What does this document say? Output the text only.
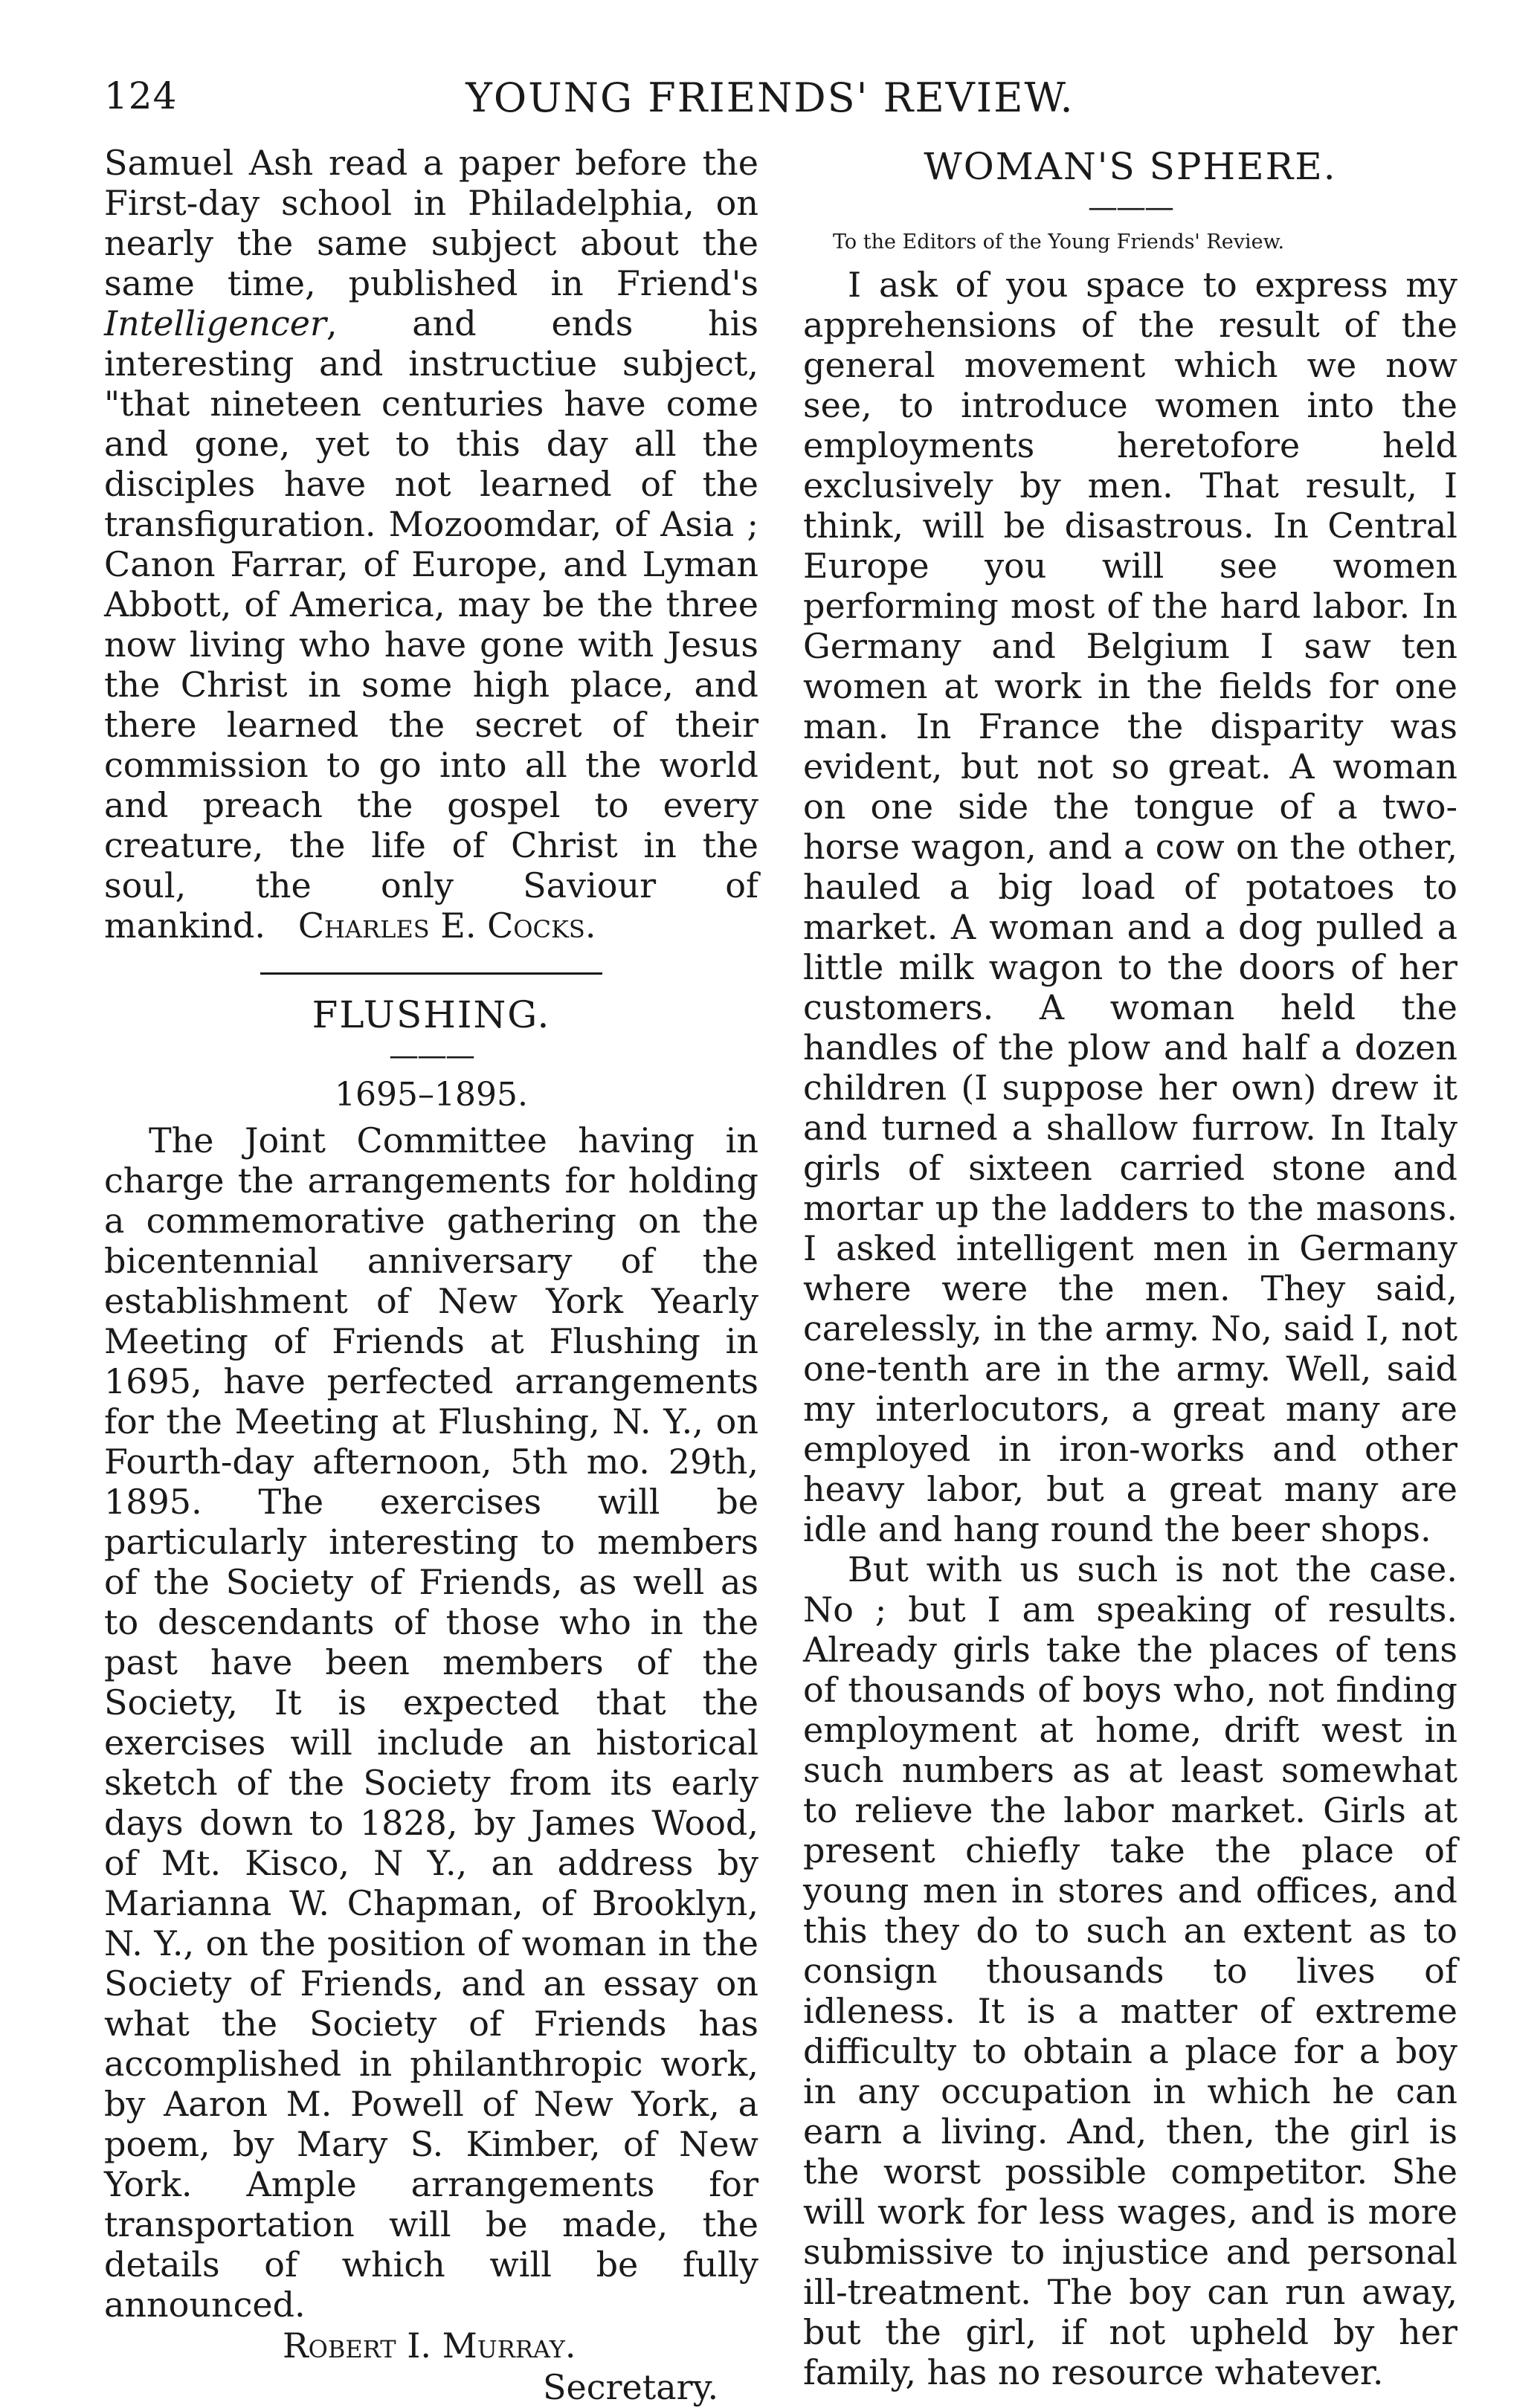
124	YOUNG FRIENDS' REVIEW.

Samuel Ash read a paper before the First-day school in Philadelphia, on nearly the same subject about the same time, published in Friend's Intelligencer, and ends his interesting and instructiue subject, "that nineteen centuries have come and gone, yet to this day all the disciples have not learned of the transfiguration. Mozoomdar, of Asia ; Canon Farrar, of Europe, and Lyman Abbott, of America, may be the three now living who have gone with Jesus the Christ in some high place, and there learned the secret of their commission to go into all the world and preach the gospel to every creature, the life of Christ in the soul, the only Saviour of mankind. Charles E. Cocks.

FLUSHING.
———
1695–1895.

The Joint Committee having in charge the arrangements for holding a commemorative gathering on the bicentennial anniversary of the establishment of New York Yearly Meeting of Friends at Flushing in 1695, have perfected arrangements for the Meeting at Flushing, N. Y., on Fourth-day afternoon, 5th mo. 29th, 1895. The exercises will be particularly interesting to members of the Society of Friends, as well as to descendants of those who in the past have been members of the Society, It is expected that the exercises will include an historical sketch of the Society from its early days down to 1828, by James Wood, of Mt. Kisco, N Y., an address by Marianna W. Chapman, of Brooklyn, N. Y., on the position of woman in the Society of Friends, and an essay on what the Society of Friends has accomplished in philanthropic work, by Aaron M. Powell of New York, a poem, by Mary S. Kimber, of New York. Ample arrangements for transportation will be made, the details of which will be fully announced.

Robert I. Murray.
Secretary.
WOMAN'S SPHERE.
———
To the Editors of the Young Friends' Review.

I ask of you space to express my apprehensions of the result of the general movement which we now see, to introduce women into the employments heretofore held exclusively by men. That result, I think, will be disastrous. In Central Europe you will see women performing most of the hard labor. In Germany and Belgium I saw ten women at work in the fields for one man. In France the disparity was evident, but not so great. A woman on one side the tongue of a two-horse wagon, and a cow on the other, hauled a big load of potatoes to market. A woman and a dog pulled a little milk wagon to the doors of her customers. A woman held the handles of the plow and half a dozen children (I suppose her own) drew it and turned a shallow furrow. In Italy girls of sixteen carried stone and mortar up the ladders to the masons. I asked intelligent men in Germany where were the men. They said, carelessly, in the army. No, said I, not one-tenth are in the army. Well, said my interlocutors, a great many are employed in iron-works and other heavy labor, but a great many are idle and hang round the beer shops.

But with us such is not the case. No ; but I am speaking of results. Already girls take the places of tens of thousands of boys who, not finding employment at home, drift west in such numbers as at least somewhat to relieve the labor market. Girls at present chiefly take the place of young men in stores and offices, and this they do to such an extent as to consign thousands to lives of idleness. It is a matter of extreme difficulty to obtain a place for a boy in any occupation in which he can earn a living. And, then, the girl is the worst possible competitor. She will work for less wages, and is more submissive to injustice and personal ill-treatment. The boy can run away, but the girl, if not upheld by her family, has no resource whatever.
